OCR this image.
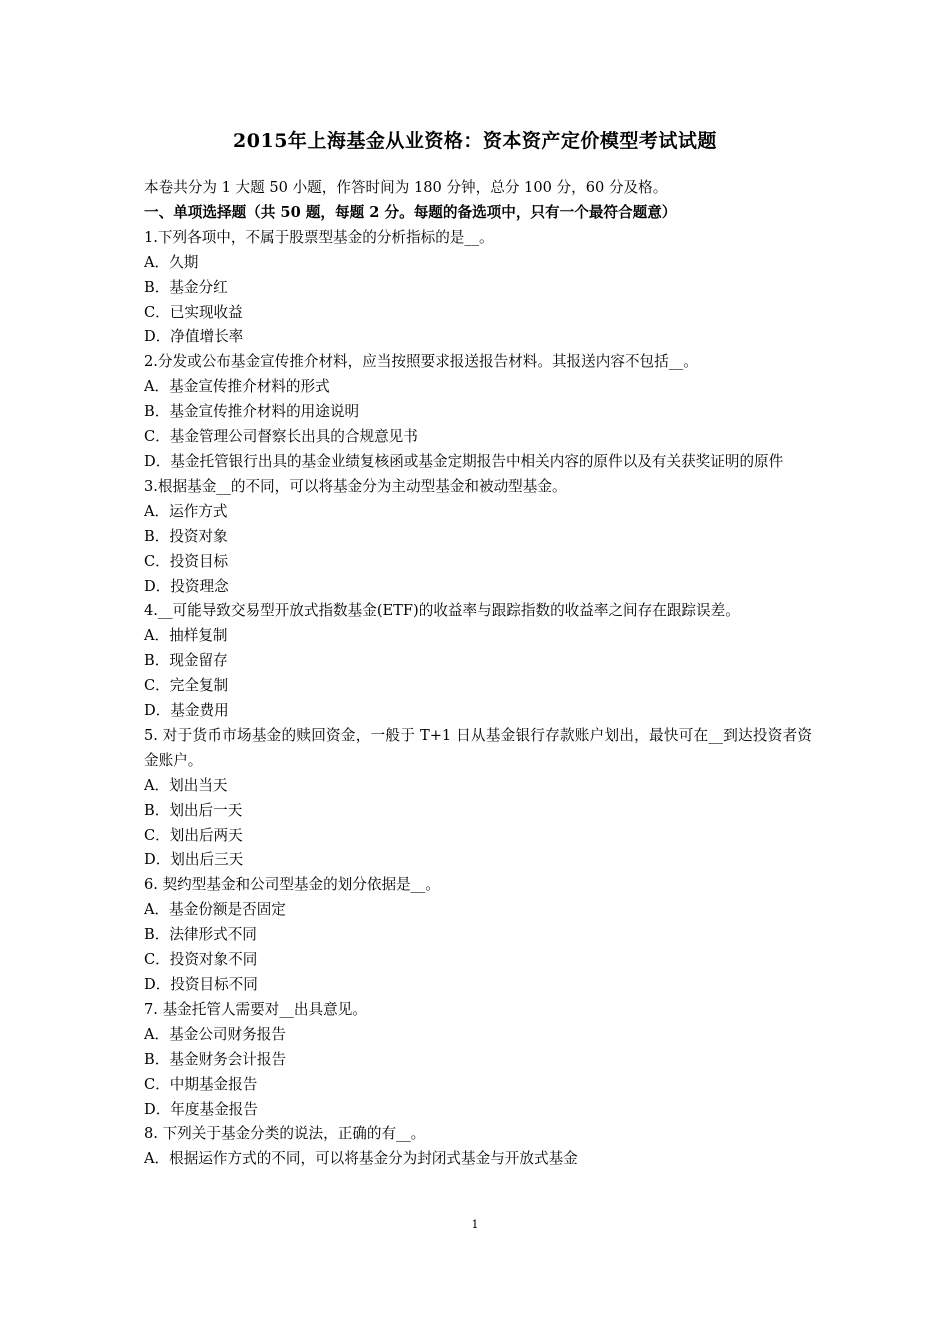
2015年上海基金从业资格：资本资产定价模型考试试题

本卷共分为 1 大题 50 小题，作答时间为 180 分钟，总分 100 分，60 分及格。

一、单项选择题（共 50 题，每题 2 分。每题的备选项中，只有一个最符合题意）

1.下列各项中，不属于股票型基金的分析指标的是__。

A．久期

B．基金分红

C．已实现收益

D．净值增长率

2.分发或公布基金宣传推介材料，应当按照要求报送报告材料。其报送内容不包括__。

A．基金宣传推介材料的形式

B．基金宣传推介材料的用途说明

C．基金管理公司督察长出具的合规意见书

D．基金托管银行出具的基金业绩复核函或基金定期报告中相关内容的原件以及有关获奖证明的原件

3.根据基金__的不同，可以将基金分为主动型基金和被动型基金。

A．运作方式

B．投资对象

C．投资目标

D．投资理念

4.__可能导致交易型开放式指数基金(ETF)的收益率与跟踪指数的收益率之间存在跟踪误差。

A．抽样复制

B．现金留存

C．完全复制

D．基金费用

5. 对于货币市场基金的赎回资金，一般于 T+1 日从基金银行存款账户划出，最快可在__到达投资者资金账户。

A．划出当天

B．划出后一天

C．划出后两天

D．划出后三天

6. 契约型基金和公司型基金的划分依据是__。

A．基金份额是否固定

B．法律形式不同

C．投资对象不同

D．投资目标不同

7. 基金托管人需要对__出具意见。

A．基金公司财务报告

B．基金财务会计报告

C．中期基金报告

D．年度基金报告

8. 下列关于基金分类的说法，正确的有__。

A．根据运作方式的不同，可以将基金分为封闭式基金与开放式基金

1
